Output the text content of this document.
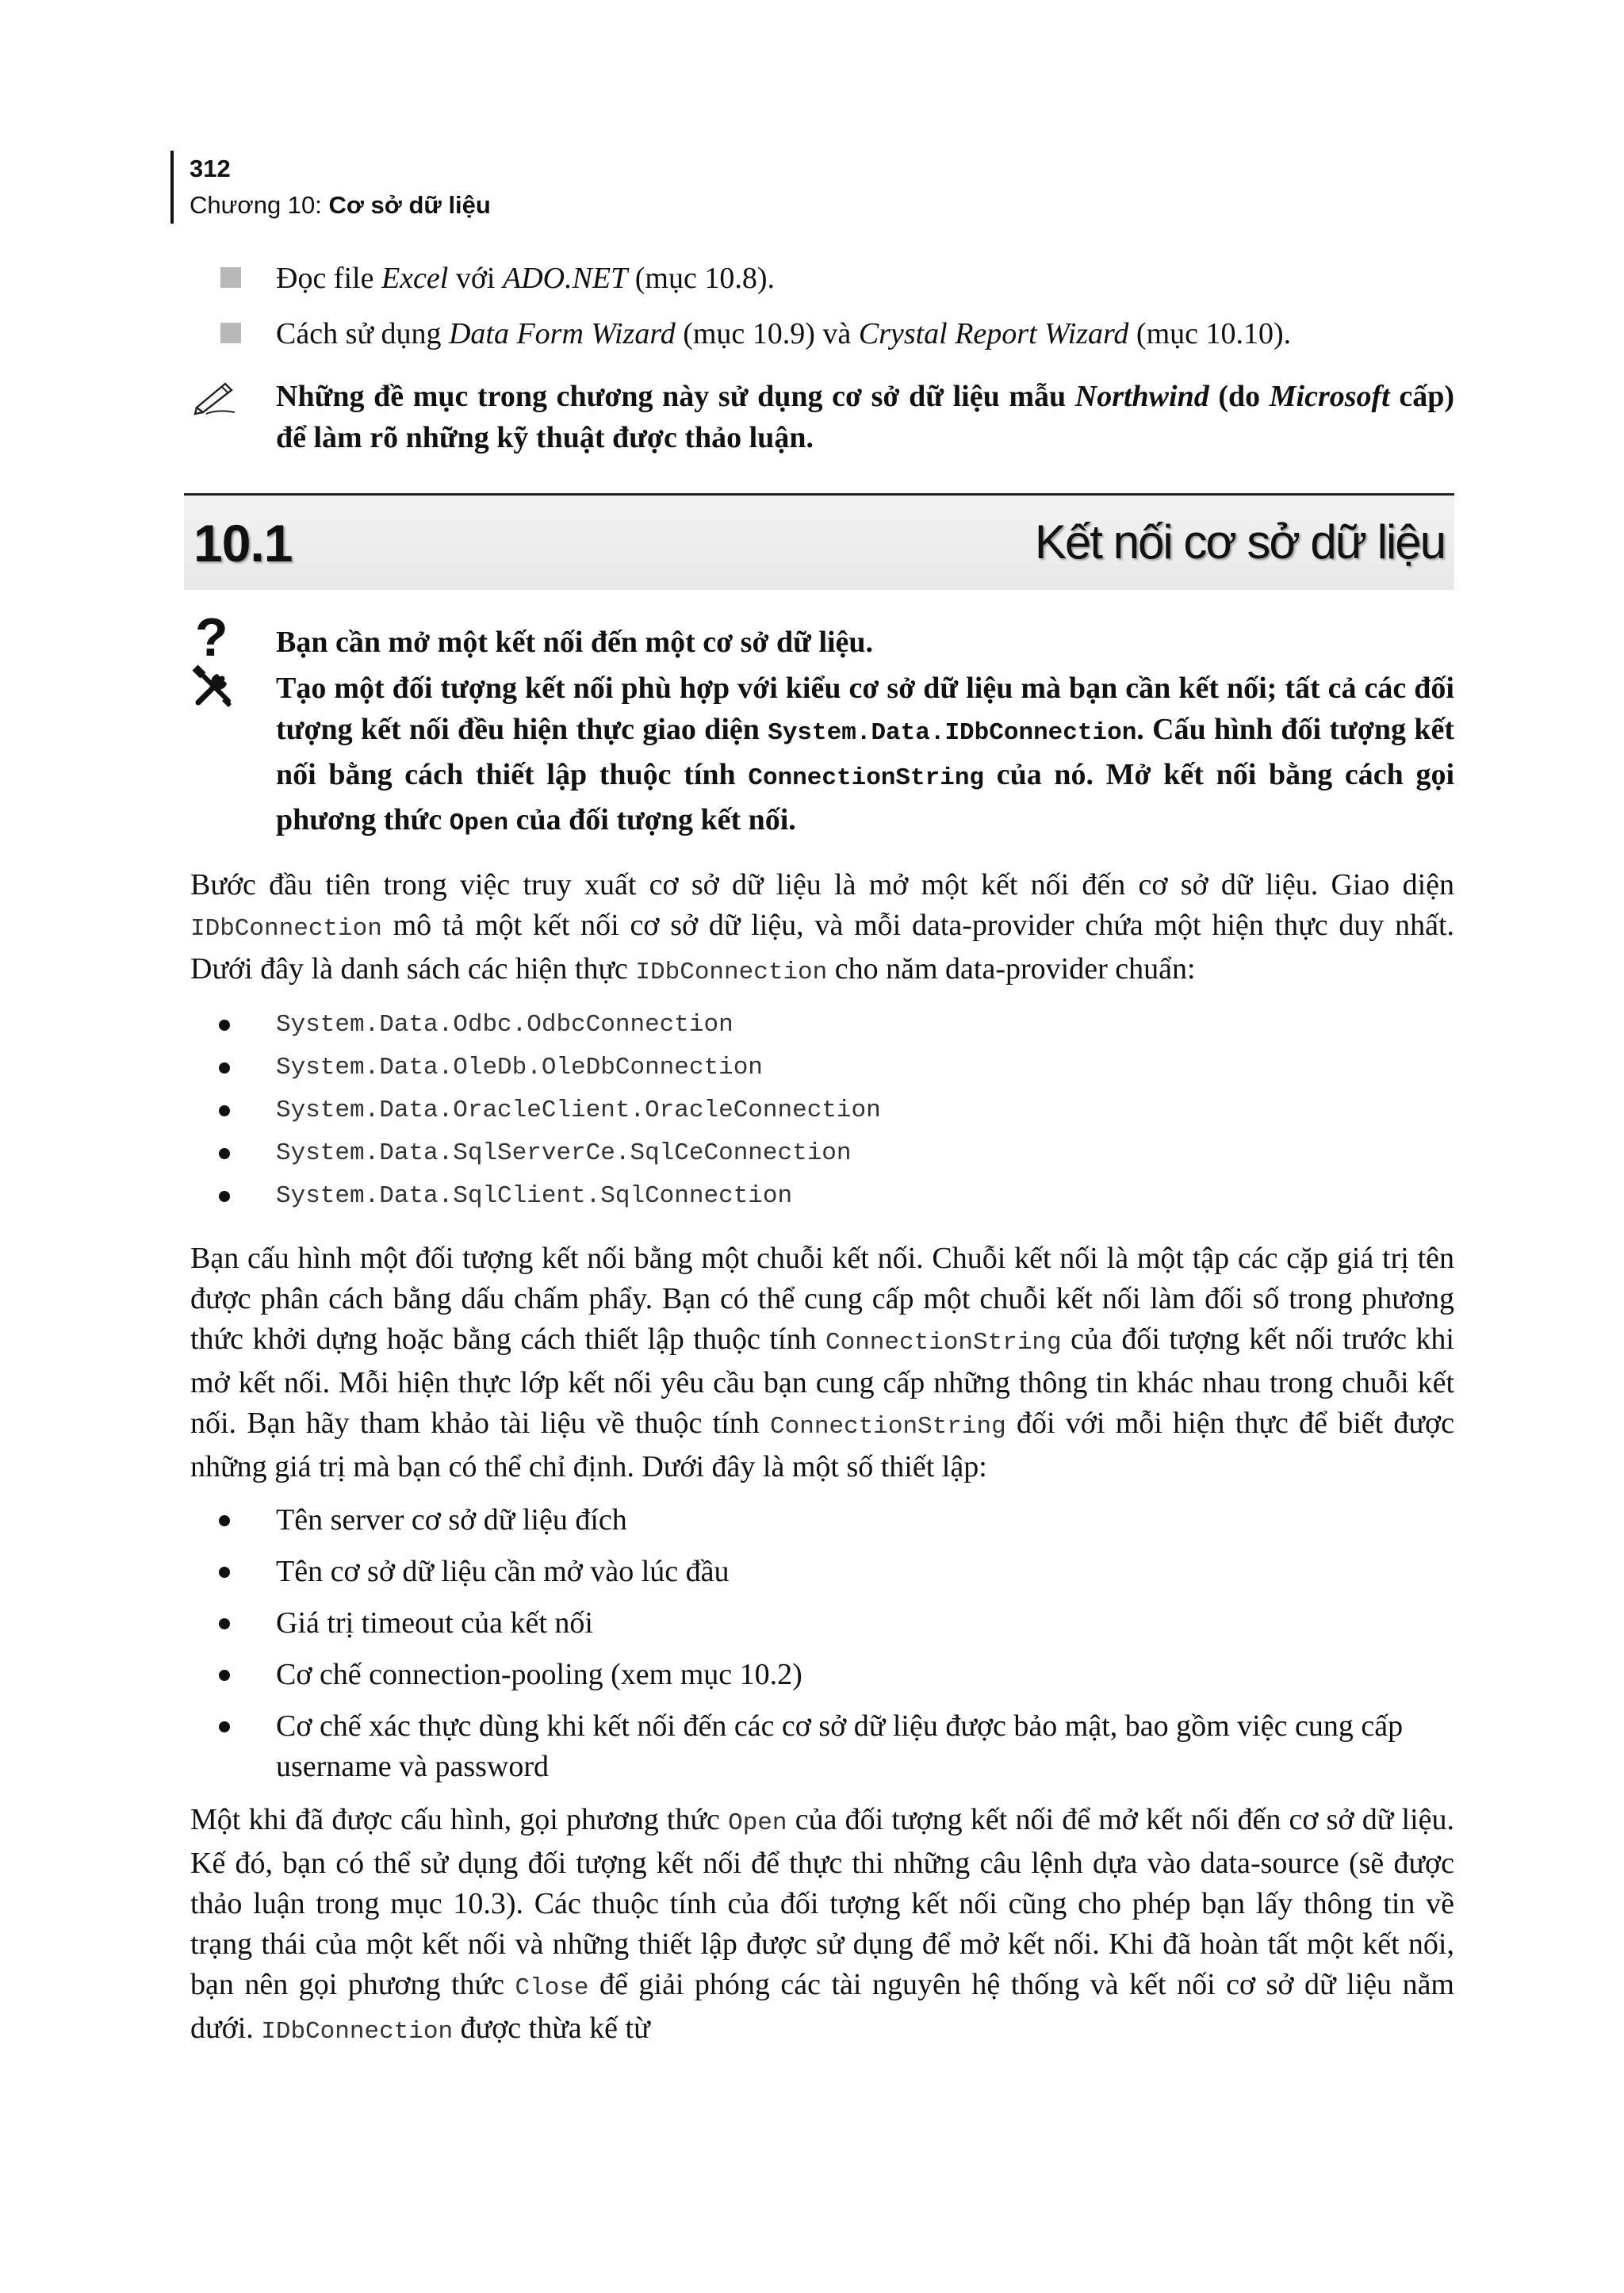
312
Chương 10: Cơ sở dữ liệu
Đọc file Excel với ADO.NET (mục 10.8).
Cách sử dụng Data Form Wizard (mục 10.9) và Crystal Report Wizard (mục 10.10).
Những đề mục trong chương này sử dụng cơ sở dữ liệu mẫu Northwind (do Microsoft cấp) để làm rõ những kỹ thuật được thảo luận.
10.1	Kết nối cơ sở dữ liệu
? Bạn cần mở một kết nối đến một cơ sở dữ liệu.
Tạo một đối tượng kết nối phù hợp với kiểu cơ sở dữ liệu mà bạn cần kết nối; tất cả các đối tượng kết nối đều hiện thực giao diện System.Data.IDbConnection. Cấu hình đối tượng kết nối bằng cách thiết lập thuộc tính ConnectionString của nó. Mở kết nối bằng cách gọi phương thức Open của đối tượng kết nối.

Bước đầu tiên trong việc truy xuất cơ sở dữ liệu là mở một kết nối đến cơ sở dữ liệu. Giao diện IDbConnection mô tả một kết nối cơ sở dữ liệu, và mỗi data-provider chứa một hiện thực duy nhất. Dưới đây là danh sách các hiện thực IDbConnection cho năm data-provider chuẩn:

System.Data.Odbc.OdbcConnection
System.Data.OleDb.OleDbConnection
System.Data.OracleClient.OracleConnection
System.Data.SqlServerCe.SqlCeConnection
System.Data.SqlClient.SqlConnection

Bạn cấu hình một đối tượng kết nối bằng một chuỗi kết nối. Chuỗi kết nối là một tập các cặp giá trị tên được phân cách bằng dấu chấm phẩy. Bạn có thể cung cấp một chuỗi kết nối làm đối số trong phương thức khởi dựng hoặc bằng cách thiết lập thuộc tính ConnectionString của đối tượng kết nối trước khi mở kết nối. Mỗi hiện thực lớp kết nối yêu cầu bạn cung cấp những thông tin khác nhau trong chuỗi kết nối. Bạn hãy tham khảo tài liệu về thuộc tính ConnectionString đối với mỗi hiện thực để biết được những giá trị mà bạn có thể chỉ định. Dưới đây là một số thiết lập:

Tên server cơ sở dữ liệu đích
Tên cơ sở dữ liệu cần mở vào lúc đầu
Giá trị timeout của kết nối
Cơ chế connection-pooling (xem mục 10.2)
Cơ chế xác thực dùng khi kết nối đến các cơ sở dữ liệu được bảo mật, bao gồm việc cung cấp username và password

Một khi đã được cấu hình, gọi phương thức Open của đối tượng kết nối để mở kết nối đến cơ sở dữ liệu. Kế đó, bạn có thể sử dụng đối tượng kết nối để thực thi những câu lệnh dựa vào data-source (sẽ được thảo luận trong mục 10.3). Các thuộc tính của đối tượng kết nối cũng cho phép bạn lấy thông tin về trạng thái của một kết nối và những thiết lập được sử dụng để mở kết nối. Khi đã hoàn tất một kết nối, bạn nên gọi phương thức Close để giải phóng các tài nguyên hệ thống và kết nối cơ sở dữ liệu nằm dưới. IDbConnection được thừa kế từ
